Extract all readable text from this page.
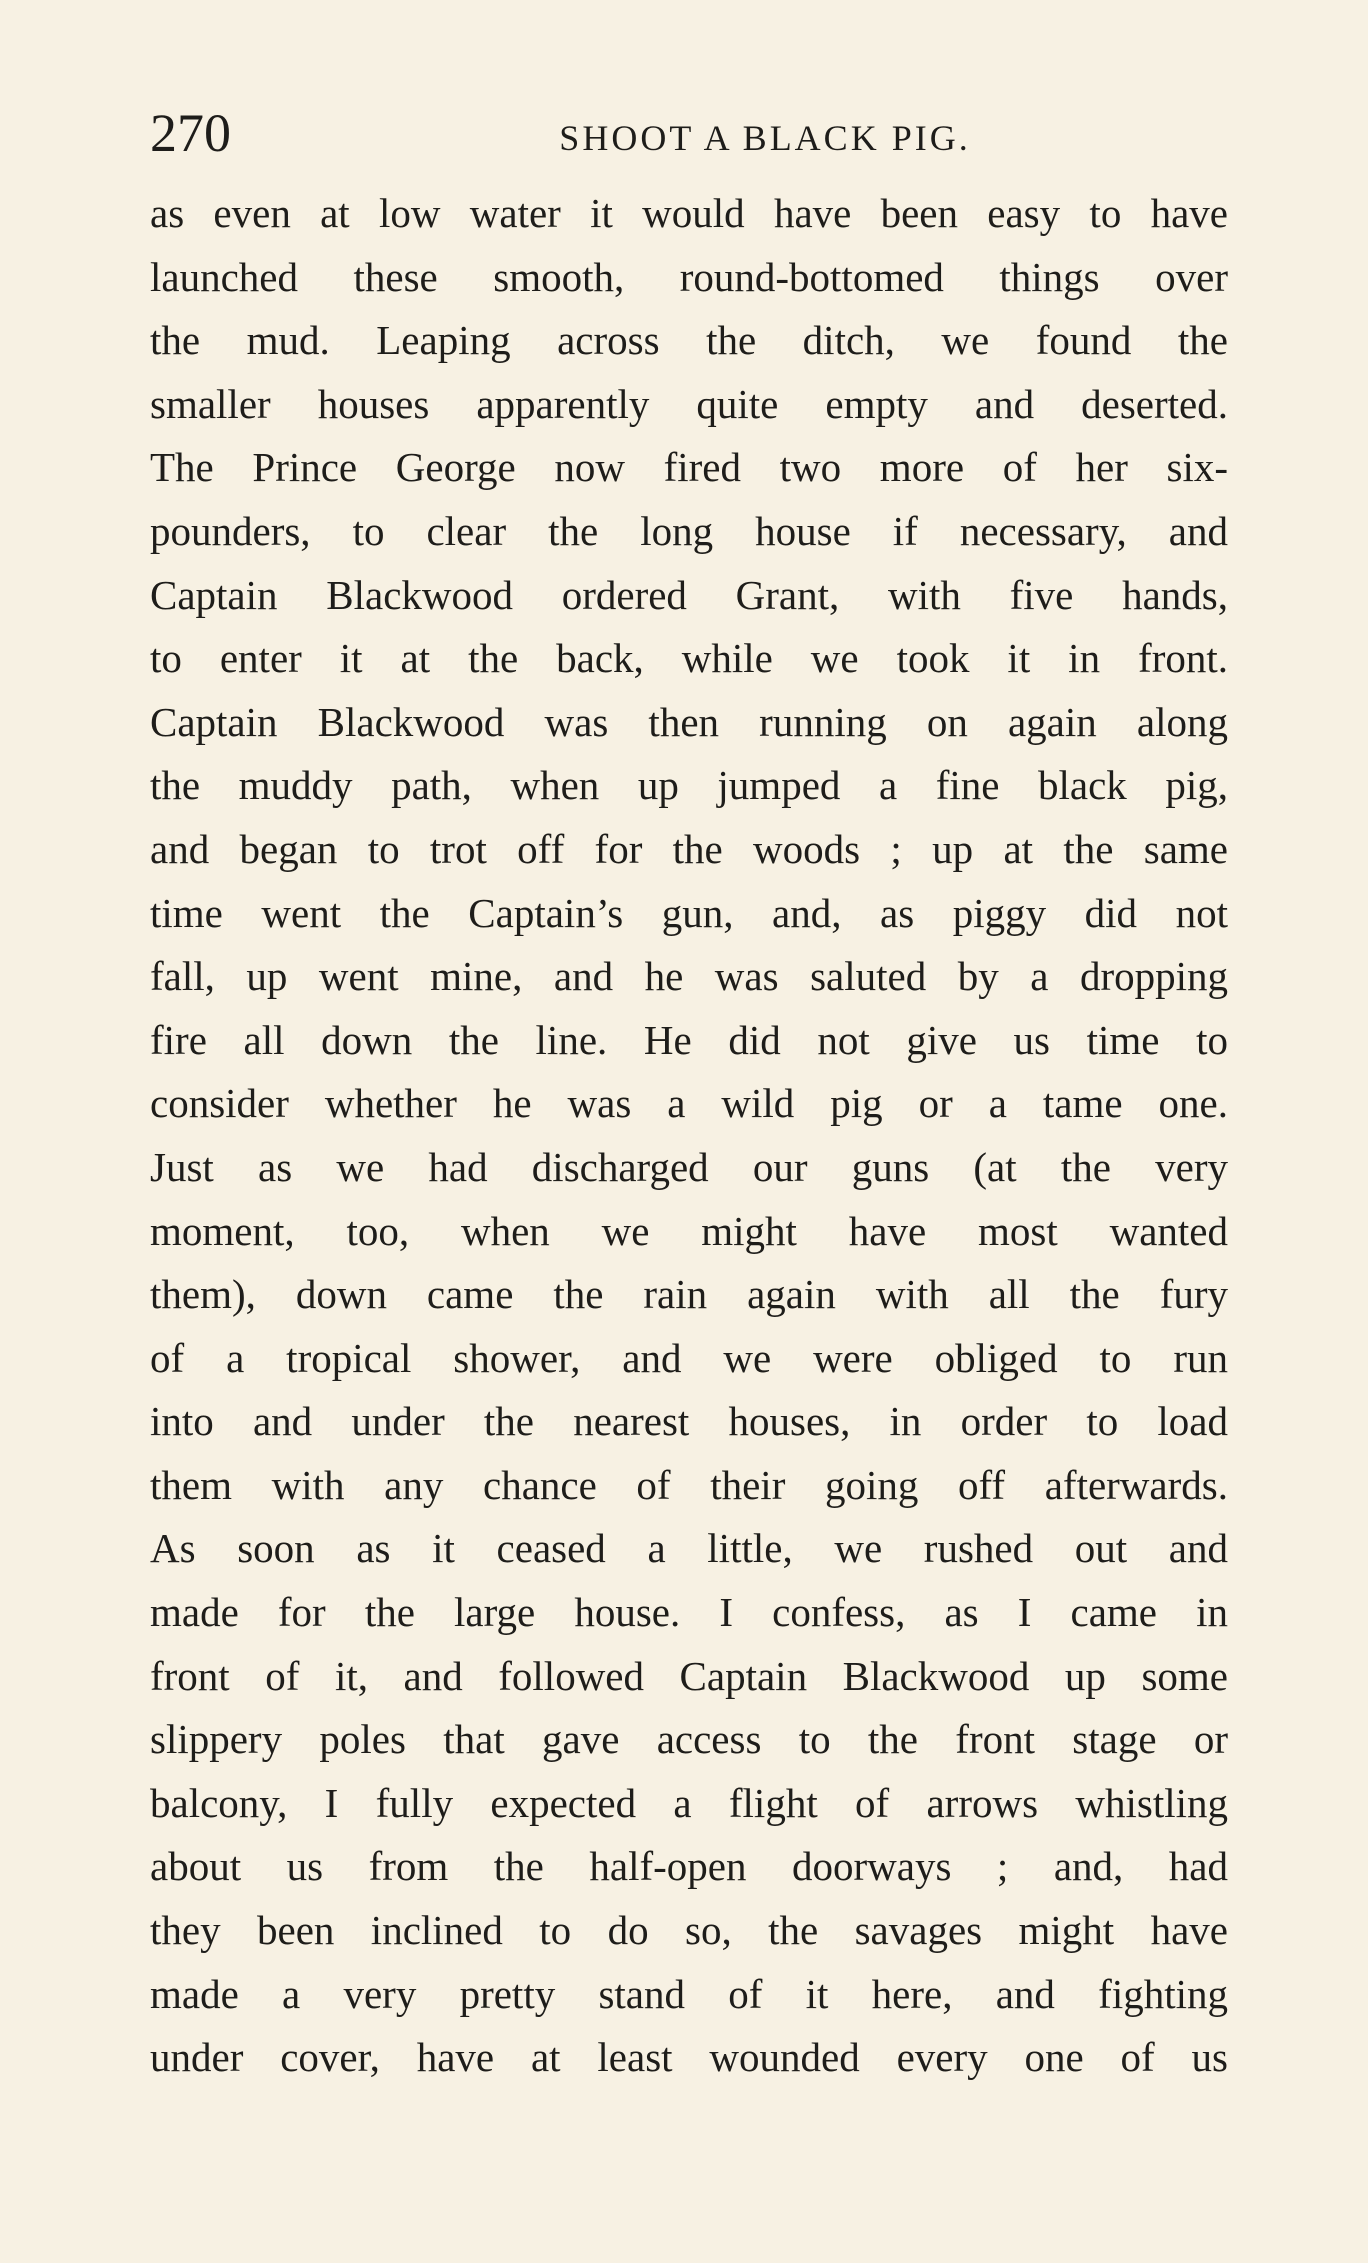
270	SHOOT A BLACK PIG.
as even at low water it would have been easy to have
launched these smooth, round-bottomed things over
the mud. Leaping across the ditch, we found the
smaller houses apparently quite empty and deserted.
The Prince George now fired two more of her six-
pounders, to clear the long house if necessary, and
Captain Blackwood ordered Grant, with five hands,
to enter it at the back, while we took it in front.
Captain Blackwood was then running on again along
the muddy path, when up jumped a fine black pig,
and began to trot off for the woods ; up at the same
time went the Captain’s gun, and, as piggy did not
fall, up went mine, and he was saluted by a dropping
fire all down the line. He did not give us time to
consider whether he was a wild pig or a tame one.
Just as we had discharged our guns (at the very
moment, too, when we might have most wanted
them), down came the rain again with all the fury
of a tropical shower, and we were obliged to run
into and under the nearest houses, in order to load
them with any chance of their going off afterwards.
As soon as it ceased a little, we rushed out and
made for the large house. I confess, as I came in
front of it, and followed Captain Blackwood up some
slippery poles that gave access to the front stage or
balcony, I fully expected a flight of arrows whistling
about us from the half-open doorways ; and, had
they been inclined to do so, the savages might have
made a very pretty stand of it here, and fighting
under cover, have at least wounded every one of us
